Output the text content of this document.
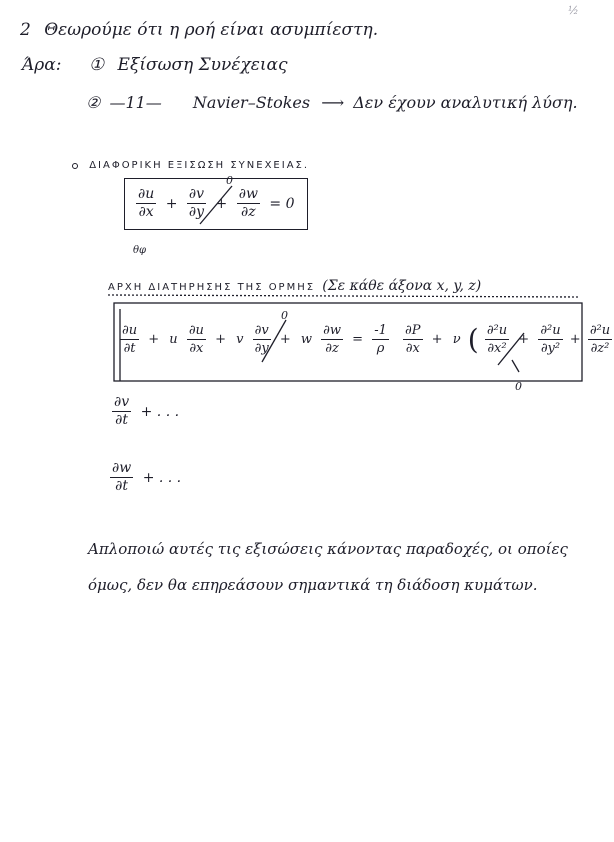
½
2 Θεωρούμε ότι η ροή είναι ασυμπίεστη.
Άρα: ① Εξίσωση Συνέχειας
② —11— Navier–Stokes ⟶ Δεν έχουν αναλυτική λύση.
ΔΙΑΦΟΡΙΚΗ ΕΞΙΣΩΣΗ ΣΥΝΕΧΕΙΑΣ.
$\frac{\partial u}{\partial x} + \frac{\partial v}{\partial y} + \frac{\partial w}{\partial z} = 0$
0
θφ
ΑΡΧΗ ΔΙΑΤΗΡΗΣΗΣ ΤΗΣ ΟΡΜΗΣ (Σε κάθε άξονα x, y, z)
$\frac{\partial u}{\partial t} + u \frac{\partial u}{\partial x} + v \frac{\partial v}{\partial y} + w \frac{\partial w}{\partial z} = \frac{-1}{\rho}$
$\frac{\partial P}{\partial x} + \nu$ ( $\frac{\text{∂²u}}{\text{∂x²}} + \frac{\text{∂²u}}{\text{∂y²}} + \frac{\text{∂²u}}{\text{∂z²}}$
0
0
$\frac{\partial v}{\partial t}$ + . . .
$\frac{\partial w}{\partial t}$ + . . .
Απλοποιώ αυτές τις εξισώσεις κάνοντας παραδοχές, οι οποίες
όμως, δεν θα επηρεάσουν σημαντικά τη διάδοση κυμάτων.
